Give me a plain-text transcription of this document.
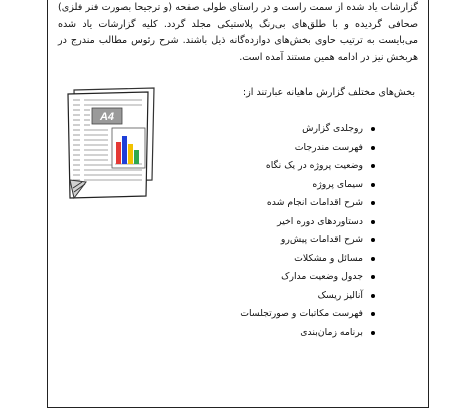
گزارشات یاد شده از سمت راست و در راستای طولی صفحه (و ترجیحا بصورت فنر فلزی) صحافی گردیده و با طلق‌های بی‌رنگ پلاستیکی مجلد گردد. کلیه گزارشات یاد شده می‌بایست به ترتیب حاوی بخش‌های دوازده‌گانه ذیل باشند. شرح رئوس مطالب مندرج در هربخش نیز در ادامه همین مستند آمده است.

بخش‌های مختلف گزارش ماهیانه عبارتند از:
روجلدی گزارش
فهرست مندرجات
وضعیت پروژه در یک نگاه
سیمای پروژه
شرح اقدامات انجام شده
دستاوردهای دوره اخیر
شرح اقدامات پیش‌رو
مسائل و مشکلات
جدول وضعیت مدارک
آنالیز ریسک
فهرست مکاتبات و صورتجلسات
برنامه زمان‌بندی
A4
